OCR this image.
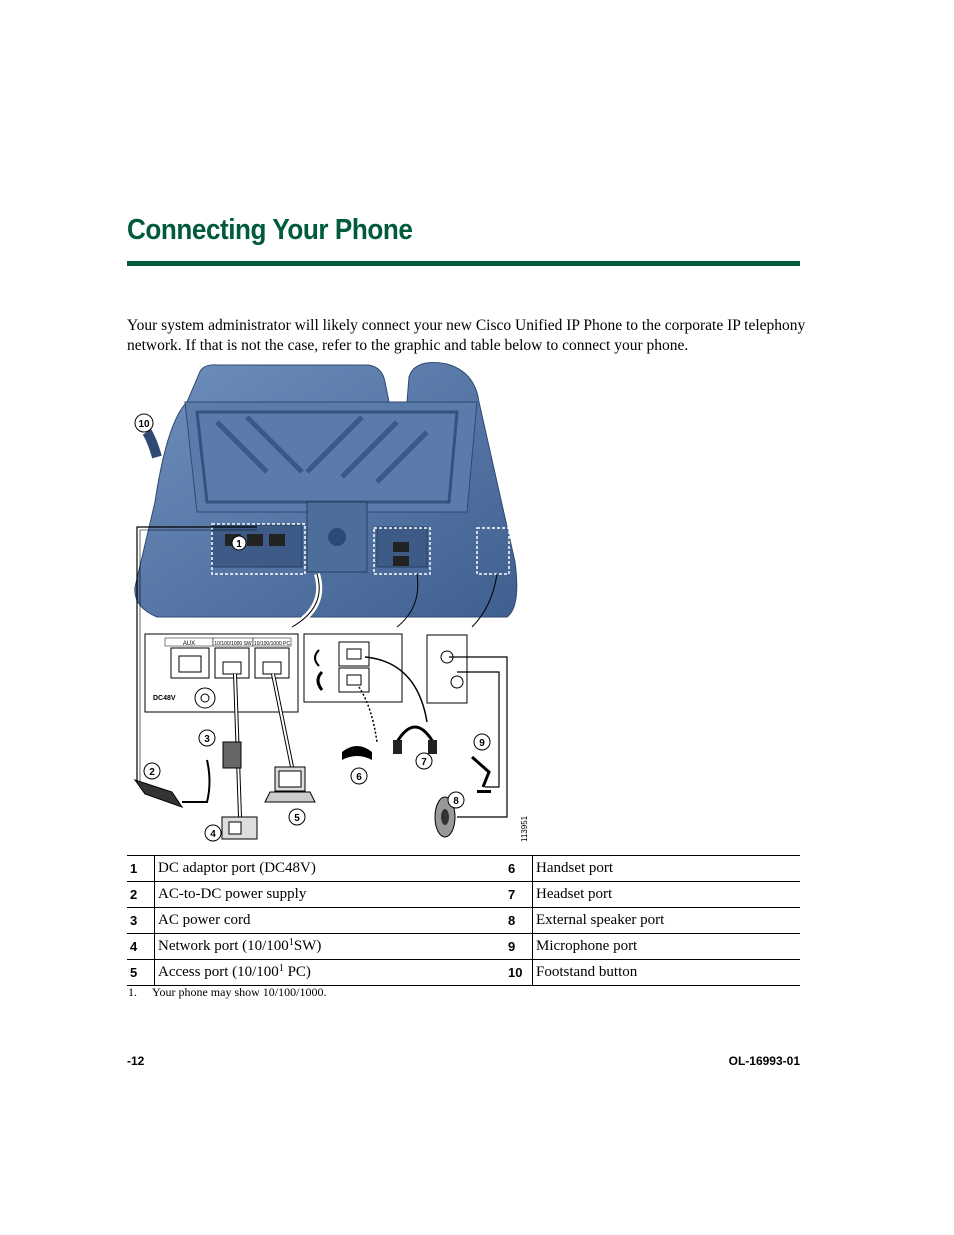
Connecting Your Phone

Your system administrator will likely connect your new Cisco Unified IP Phone to the corporate IP telephony network. If that is not the case, refer to the graphic and table below to connect your phone.

AUX	10/100/1000 SW 10/100/1000 PC
DC48V
10
1
2
3
4
5
6
7
8
9
113951
1	DC adaptor port (DC48V)	6	Handset port
2	AC-to-DC power supply	7	Headset port
3	AC power cord	8	External speaker port
4	Network port $(10/100^1SW)$	9	Microphone port
5	Access port ($10/100^1$ PC)	10	Footstand button
1. Your phone may show 10/100/1000.
-12	OL-16993-01
